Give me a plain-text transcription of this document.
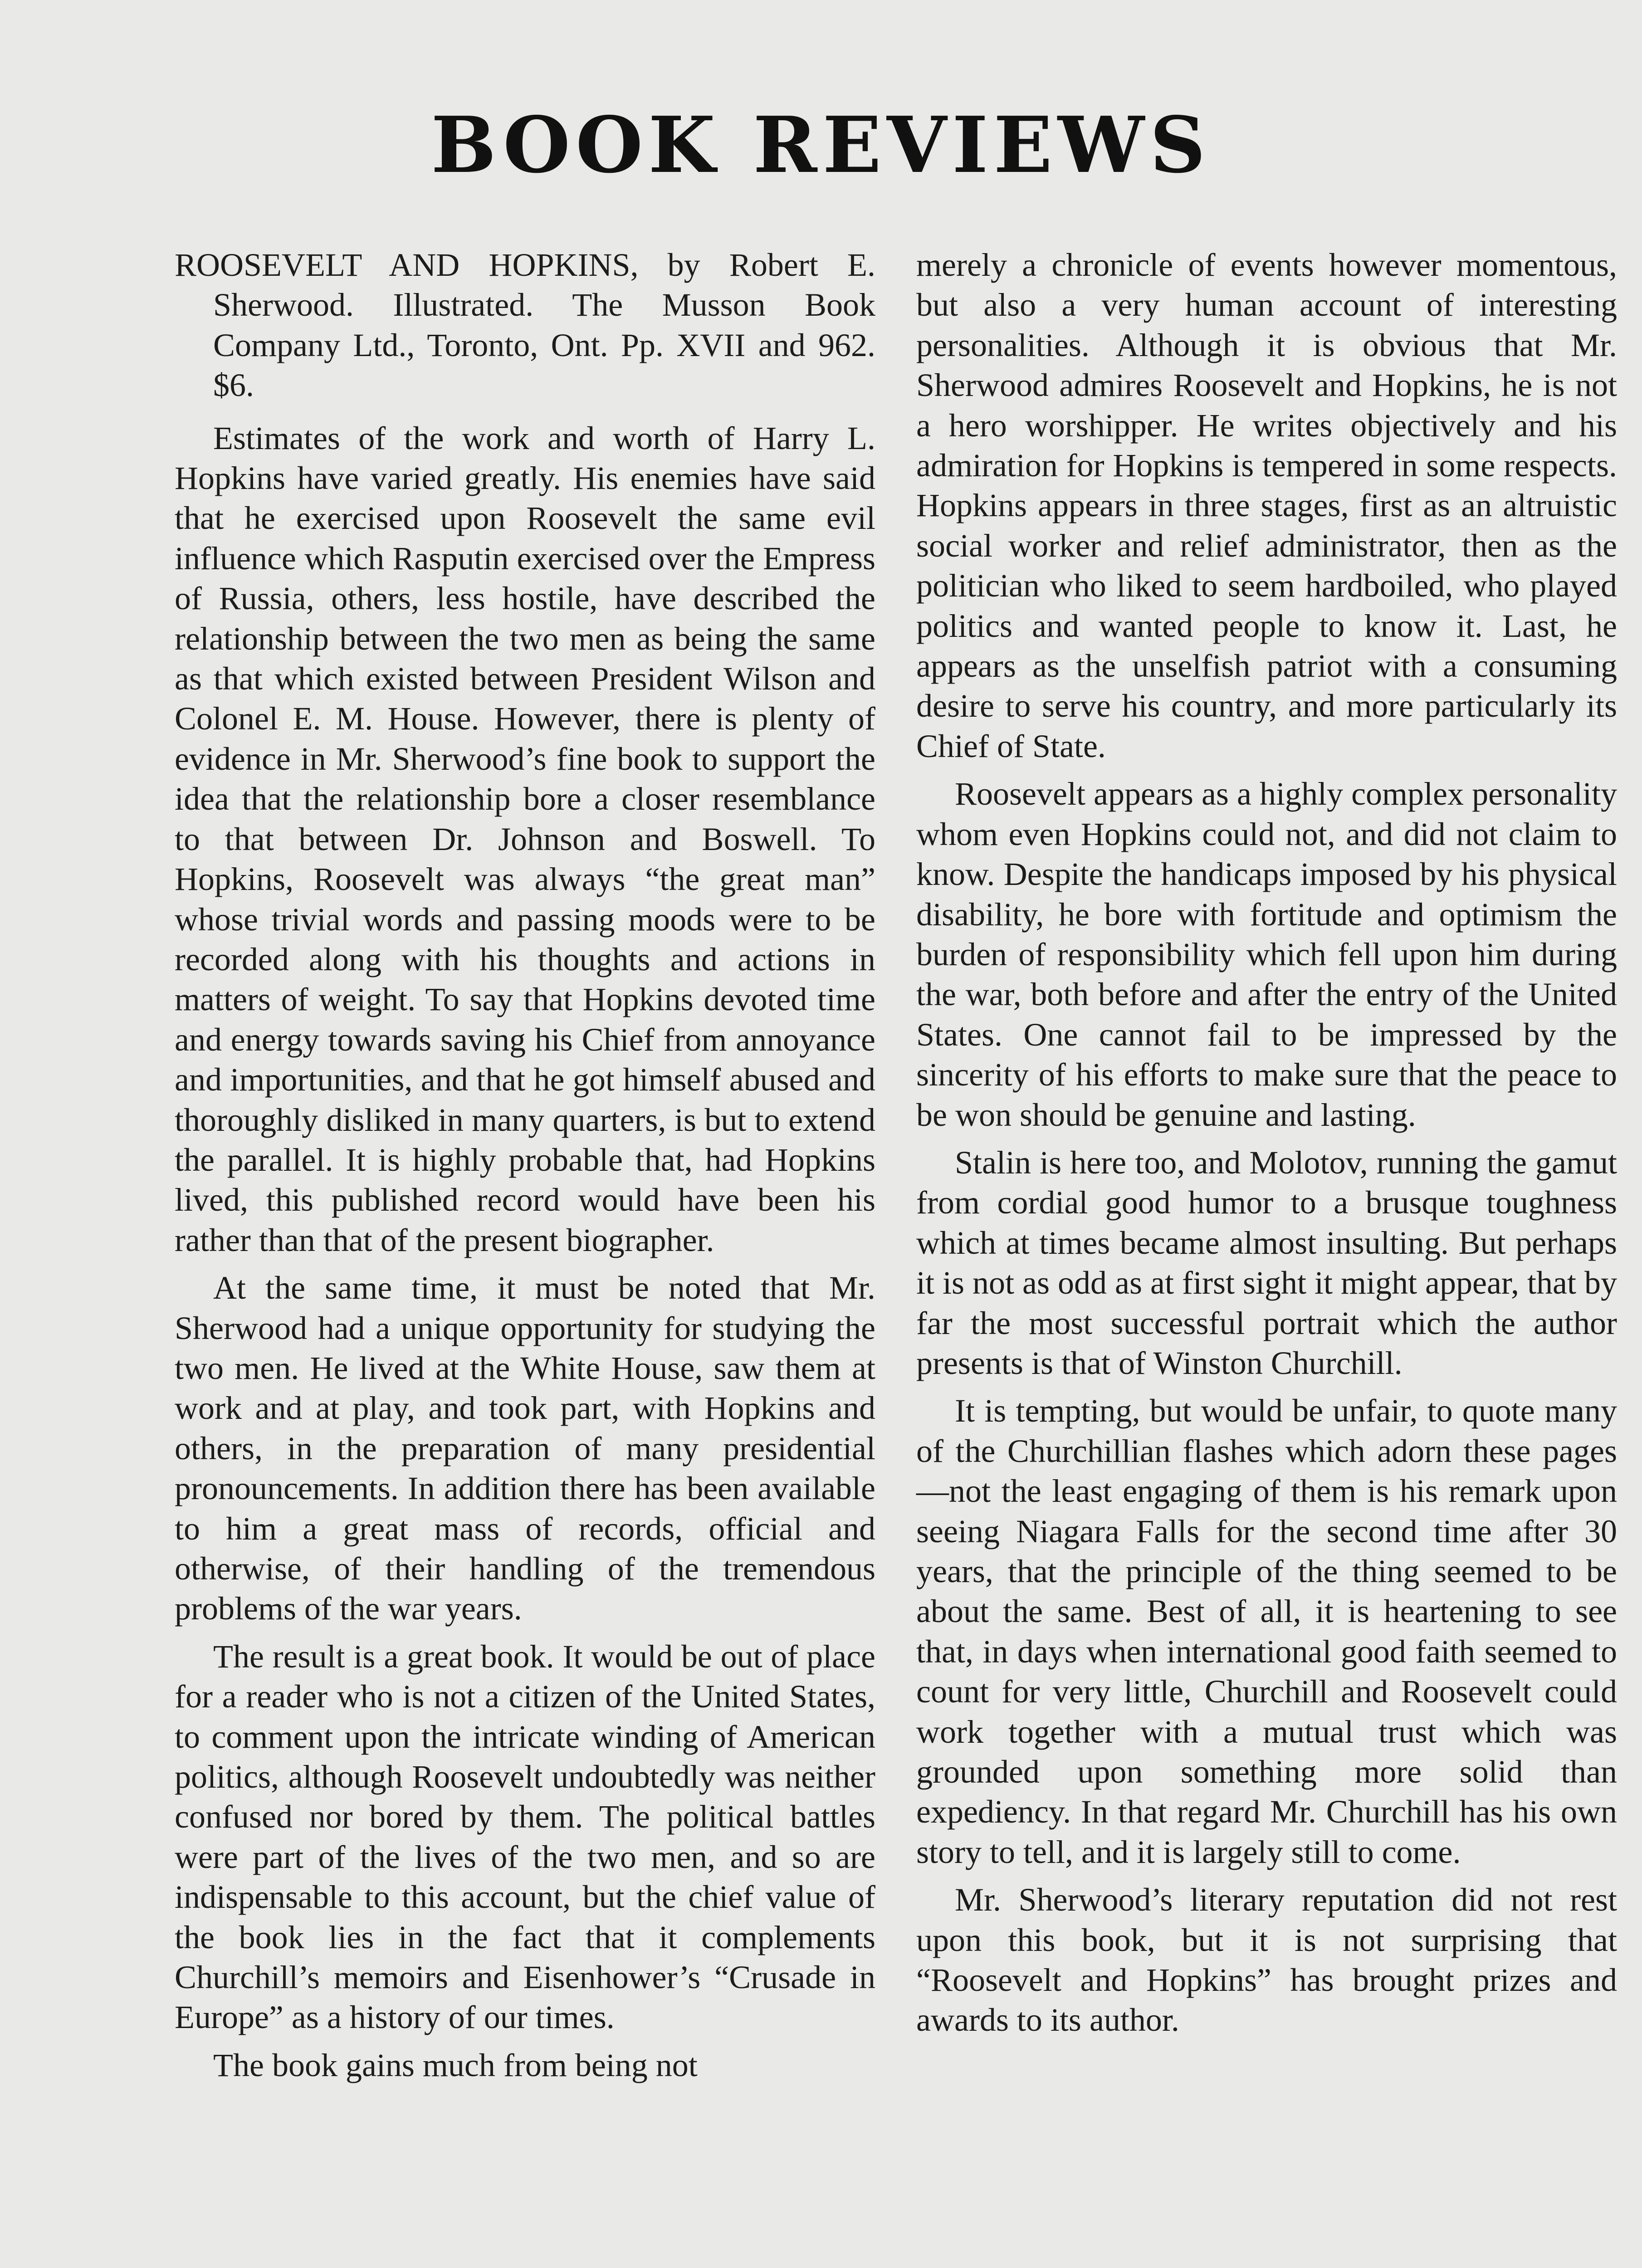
BOOK REVIEWS

ROOSEVELT AND HOPKINS, by Robert E. Sherwood. Illustrated. The Musson Book Company Ltd., Toronto, Ont. Pp. XVII and 962. $6.

Estimates of the work and worth of Harry L. Hopkins have varied greatly. His enemies have said that he exercised upon Roosevelt the same evil influence which Rasputin exercised over the Empress of Russia, others, less hostile, have described the relationship between the two men as being the same as that which existed between President Wilson and Colonel E. M. House. However, there is plenty of evidence in Mr. Sherwood’s fine book to support the idea that the relationship bore a closer resemblance to that between Dr. Johnson and Boswell. To Hopkins, Roosevelt was always “the great man” whose trivial words and passing moods were to be recorded along with his thoughts and actions in matters of weight. To say that Hopkins devoted time and energy towards saving his Chief from annoyance and importunities, and that he got himself abused and thoroughly disliked in many quarters, is but to extend the parallel. It is highly probable that, had Hopkins lived, this published record would have been his rather than that of the present biographer.

At the same time, it must be noted that Mr. Sherwood had a unique opportunity for studying the two men. He lived at the White House, saw them at work and at play, and took part, with Hopkins and others, in the preparation of many presidential pronouncements. In addition there has been available to him a great mass of records, official and otherwise, of their handling of the tremendous problems of the war years.

The result is a great book. It would be out of place for a reader who is not a citizen of the United States, to comment upon the intricate winding of American politics, although Roosevelt undoubtedly was neither confused nor bored by them. The political battles were part of the lives of the two men, and so are indispensable to this account, but the chief value of the book lies in the fact that it complements Churchill’s memoirs and Eisenhower’s “Crusade in Europe” as a history of our times.

The book gains much from being not

merely a chronicle of events however momentous, but also a very human account of interesting personalities. Although it is obvious that Mr. Sherwood admires Roosevelt and Hopkins, he is not a hero worshipper. He writes objectively and his admiration for Hopkins is tempered in some respects. Hopkins appears in three stages, first as an altruistic social worker and relief administrator, then as the politician who liked to seem hardboiled, who played politics and wanted people to know it. Last, he appears as the unselfish patriot with a consuming desire to serve his country, and more particularly its Chief of State.

Roosevelt appears as a highly complex personality whom even Hopkins could not, and did not claim to know. Despite the handicaps imposed by his physical disability, he bore with fortitude and optimism the burden of responsibility which fell upon him during the war, both before and after the entry of the United States. One cannot fail to be impressed by the sincerity of his efforts to make sure that the peace to be won should be genuine and lasting.

Stalin is here too, and Molotov, running the gamut from cordial good humor to a brusque toughness which at times became almost insulting. But perhaps it is not as odd as at first sight it might appear, that by far the most successful portrait which the author presents is that of Winston Churchill.

It is tempting, but would be unfair, to quote many of the Churchillian flashes which adorn these pages—not the least engaging of them is his remark upon seeing Niagara Falls for the second time after 30 years, that the principle of the thing seemed to be about the same. Best of all, it is heartening to see that, in days when international good faith seemed to count for very little, Churchill and Roosevelt could work together with a mutual trust which was grounded upon something more solid than expediency. In that regard Mr. Churchill has his own story to tell, and it is largely still to come.

Mr. Sherwood’s literary reputation did not rest upon this book, but it is not surprising that “Roosevelt and Hopkins” has brought prizes and awards to its author.
